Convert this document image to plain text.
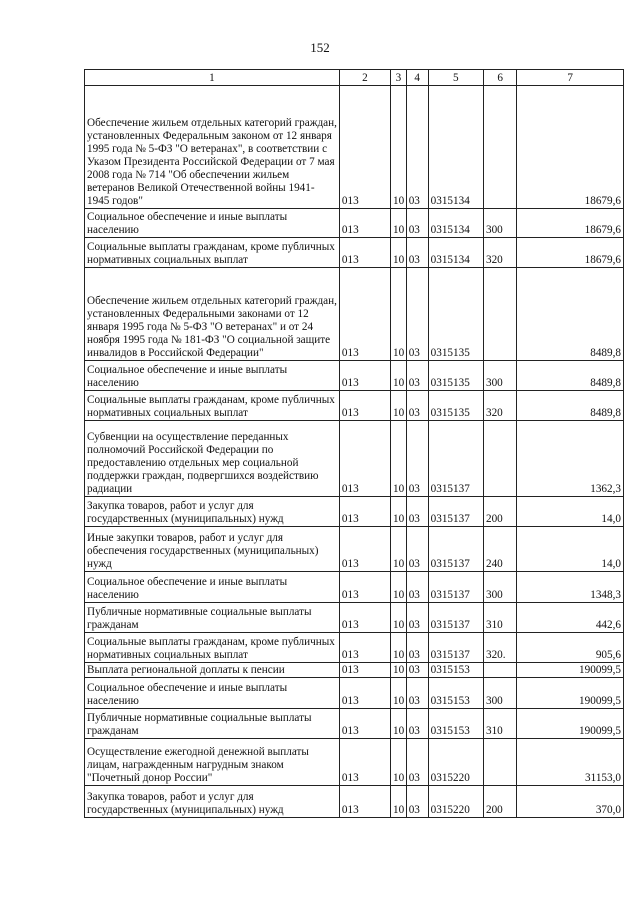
152
1	2	3	4	5	6	7
Обеспечение жильем отдельных категорий граждан, установленных Федеральным законом от 12 января 1995 года № 5-ФЗ "О ветеранах", в соответствии с Указом Президента Российской Федерации от 7 мая 2008 года № 714 "Об обеспечении жильем ветеранов Великой Отечественной войны 1941-1945 годов"	013	10	03	0315134		18679,6
Социальное обеспечение и иные выплаты населению	013	10	03	0315134	300	18679,6
Социальные выплаты гражданам, кроме публичных нормативных социальных выплат	013	10	03	0315134	320	18679,6
Обеспечение жильем отдельных категорий граждан, установленных Федеральными законами от 12 января 1995 года № 5-ФЗ "О ветеранах" и от 24 ноября 1995 года № 181-ФЗ "О социальной защите инвалидов в Российской Федерации"	013	10	03	0315135		8489,8
Социальное обеспечение и иные выплаты населению	013	10	03	0315135	300	8489,8
Социальные выплаты гражданам, кроме публичных нормативных социальных выплат	013	10	03	0315135	320	8489,8
Субвенции на осуществление переданных полномочий Российской Федерации по предоставлению отдельных мер социальной поддержки граждан, подвергшихся воздействию радиации	013	10	03	0315137		1362,3
Закупка товаров, работ и услуг для государственных (муниципальных) нужд	013	10	03	0315137	200	14,0
Иные закупки товаров, работ и услуг для обеспечения государственных (муниципальных) нужд	013	10	03	0315137	240	14,0
Социальное обеспечение и иные выплаты населению	013	10	03	0315137	300	1348,3
Публичные нормативные социальные выплаты гражданам	013	10	03	0315137	310	442,6
Социальные выплаты гражданам, кроме публичных нормативных социальных выплат	013	10	03	0315137	320.	905,6
Выплата региональной доплаты к пенсии	013	10	03	0315153		190099,5
Социальное обеспечение и иные выплаты населению	013	10	03	0315153	300	190099,5
Публичные нормативные социальные выплаты гражданам	013	10	03	0315153	310	190099,5
Осуществление ежегодной денежной выплаты лицам, награжденным нагрудным знаком "Почетный донор России"	013	10	03	0315220		31153,0
Закупка товаров, работ и услуг для государственных (муниципальных) нужд	013	10	03	0315220	200	370,0
